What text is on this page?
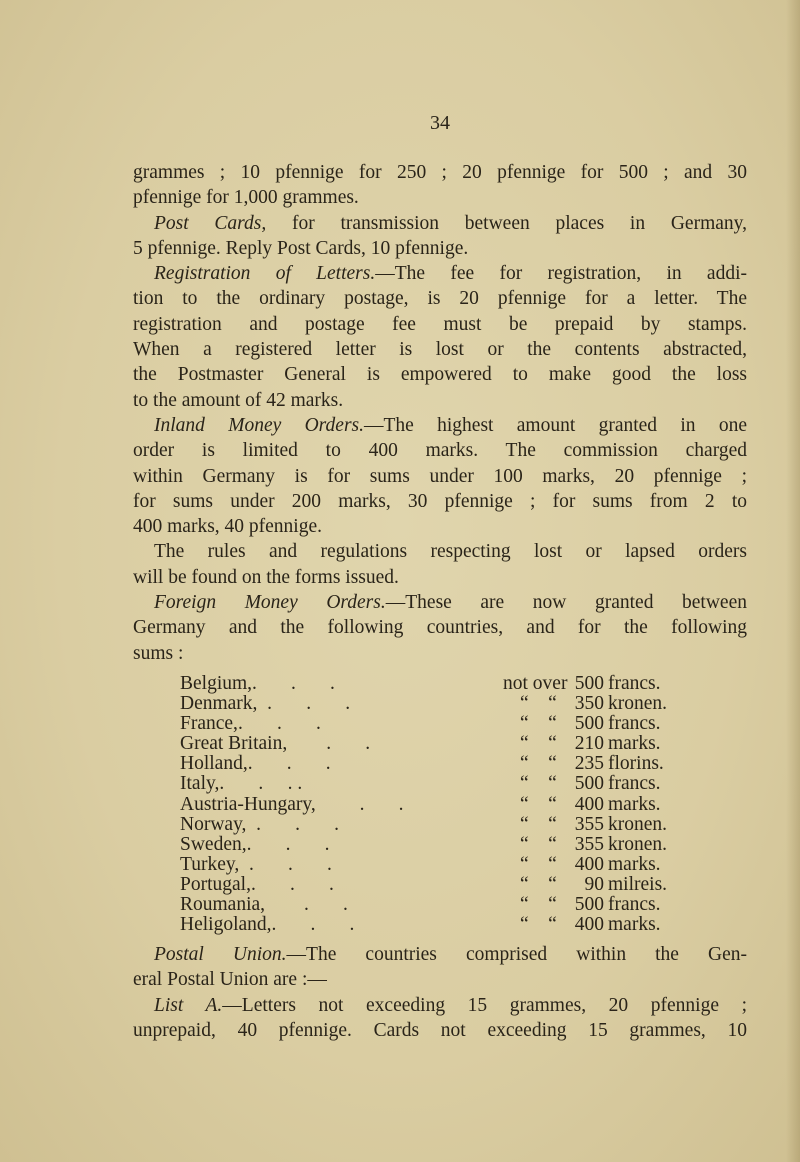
34
grammes ; 10 pfennige for 250 ; 20 pfennige for 500 ; and 30
pfennige for 1,000 grammes.
Post Cards, for transmission between places in Germany,
5 pfennige. Reply Post Cards, 10 pfennige.
Registration of Letters.—The fee for registration, in addi-
tion to the ordinary postage, is 20 pfennige for a letter. The
registration and postage fee must be prepaid by stamps.
When a registered letter is lost or the contents abstracted,
the Postmaster General is empowered to make good the loss
to the amount of 42 marks.
Inland Money Orders.—The highest amount granted in one
order is limited to 400 marks. The commission charged
within Germany is for sums under 100 marks, 20 pfennige ;
for sums under 200 marks, 30 pfennige ; for sums from 2 to
400 marks, 40 pfennige.
The rules and regulations respecting lost or lapsed orders
will be found on the forms issued.
Foreign Money Orders.—These are now granted between
Germany and the following countries, and for the following
sums :
Belgium,.       .       .	not over 500 francs.
Denmark,  .       .       .	“    “ 350 kronen.
France,.       .       .	“    “ 500 francs.
Great Britain,        .       .	“    “ 210 marks.
Holland,.       .       .	“    “ 235 florins.
Italy,.       .     . .	“    “ 500 francs.
Austria-Hungary,         .       .	“    “ 400 marks.
Norway,  .       .       .	“    “ 355 kronen.
Sweden,.       .       .	“    “ 355 kronen.
Turkey,  .       .       .	“    “ 400 marks.
Portugal,.       .       .	“    “	90 milreis.
Roumania,        .       .	“    “ 500 francs.
Heligoland,.       .       .	“    “ 400 marks.
Postal Union.—The countries comprised within the Gen-
eral Postal Union are :—
List A.—Letters not exceeding 15 grammes, 20 pfennige ;
unprepaid, 40 pfennige. Cards not exceeding 15 grammes, 10
